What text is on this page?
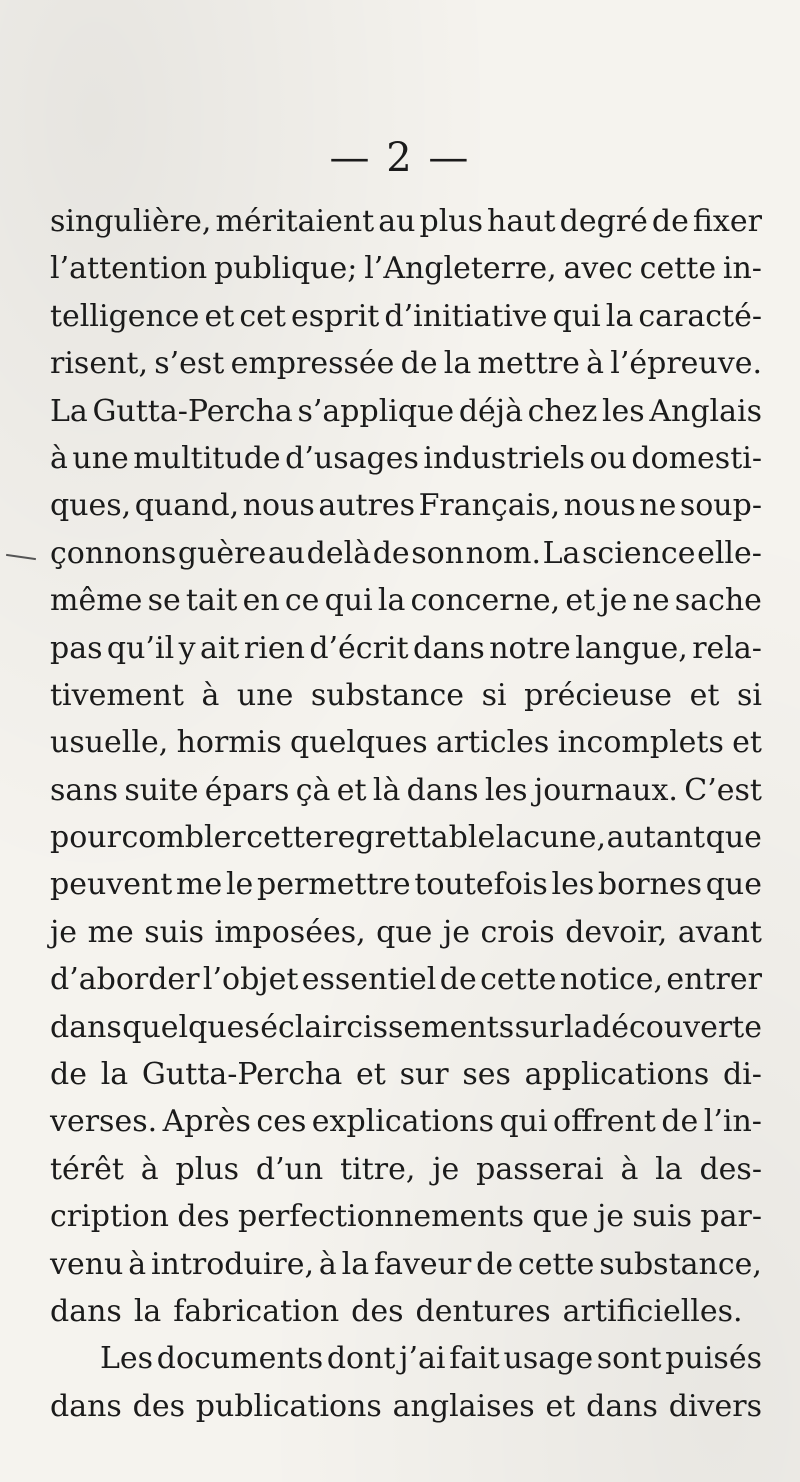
— 2 —
singulière, méritaient au plus haut degré de fixer
l’attention publique; l’Angleterre, avec cette in-
telligence et cet esprit d’initiative qui la caracté-
risent, s’est empressée de la mettre à l’épreuve.
La Gutta-Percha s’applique déjà chez les Anglais
à une multitude d’usages industriels ou domesti-
ques, quand, nous autres Français, nous ne soup-
çonnons guère au delà de son nom. La science elle-
même se tait en ce qui la concerne, et je ne sache
pas qu’il y ait rien d’écrit dans notre langue, rela-
tivement à une substance si précieuse et si
usuelle, hormis quelques articles incomplets et
sans suite épars çà et là dans les journaux. C’est
pour combler cette regrettable lacune, autant que
peuvent me le permettre toutefois les bornes que
je me suis imposées, que je crois devoir, avant
d’aborder l’objet essentiel de cette notice, entrer
dans quelques éclaircissements sur la découverte
de la Gutta-Percha et sur ses applications di-
verses. Après ces explications qui offrent de l’in-
térêt à plus d’un titre, je passerai à la des-
cription des perfectionnements que je suis par-
venu à introduire, à la faveur de cette substance,
dans la fabrication des dentures artificielles.
Les documents dont j’ai fait usage sont puisés
dans des publications anglaises et dans divers
